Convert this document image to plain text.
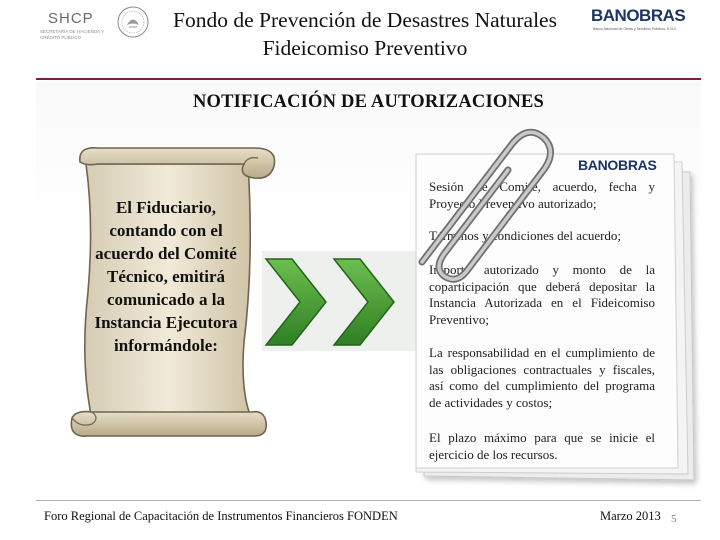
SHCP
SECRETARÍA DE HACIENDA Y CRÉDITO PÚBLICO
Fondo de Prevención de Desastres Naturales
Fideicomiso Preventivo
BANOBRAS
Banco Nacional de Obras y Servicios Públicos, S.N.C.
NOTIFICACIÓN DE AUTORIZACIONES
El Fiduciario, contando con el acuerdo del Comité Técnico, emitirá comunicado a la Instancia Ejecutora informándole:
BANOBRAS
Sesión de Comité, acuerdo, fecha y Proyecto Preventivo autorizado;
Términos y condiciones del acuerdo;
Importe autorizado y monto de la coparticipación que deberá depositar la Instancia Autorizada en el Fideicomiso Preventivo;
La responsabilidad en el cumplimiento de las obligaciones contractuales y fiscales, así como del cumplimiento del programa de actividades y costos;
El plazo máximo para que se inicie el ejercicio de los recursos.
Foro Regional de Capacitación de Instrumentos Financieros FONDEN	Marzo 2013 5
